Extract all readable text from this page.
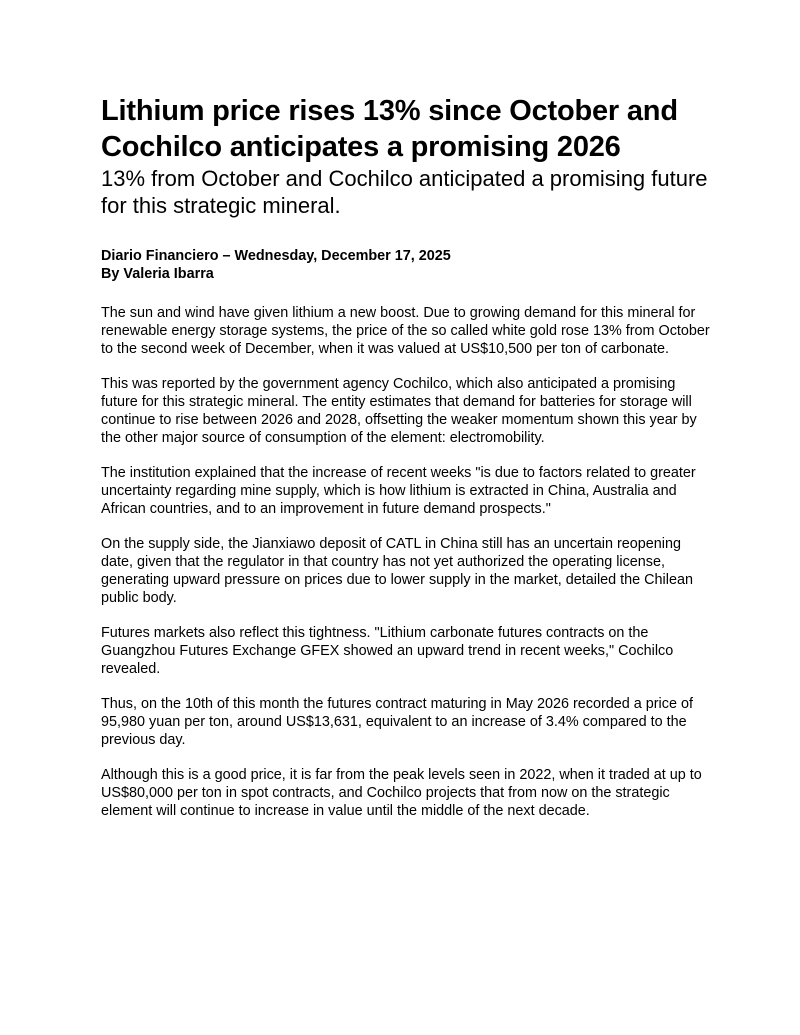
Lithium price rises 13% since October and Cochilco anticipates a promising 2026
13% from October and Cochilco anticipated a promising future for this strategic mineral.
Diario Financiero – Wednesday, December 17, 2025
By Valeria Ibarra

The sun and wind have given lithium a new boost. Due to growing demand for this mineral for renewable energy storage systems, the price of the so called white gold rose 13% from October to the second week of December, when it was valued at US$10,500 per ton of carbonate.

This was reported by the government agency Cochilco, which also anticipated a promising future for this strategic mineral. The entity estimates that demand for batteries for storage will continue to rise between 2026 and 2028, offsetting the weaker momentum shown this year by the other major source of consumption of the element: electromobility.

The institution explained that the increase of recent weeks "is due to factors related to greater uncertainty regarding mine supply, which is how lithium is extracted in China, Australia and African countries, and to an improvement in future demand prospects."

On the supply side, the Jianxiawo deposit of CATL in China still has an uncertain reopening date, given that the regulator in that country has not yet authorized the operating license, generating upward pressure on prices due to lower supply in the market, detailed the Chilean public body.

Futures markets also reflect this tightness. "Lithium carbonate futures contracts on the Guangzhou Futures Exchange GFEX showed an upward trend in recent weeks," Cochilco revealed.

Thus, on the 10th of this month the futures contract maturing in May 2026 recorded a price of 95,980 yuan per ton, around US$13,631, equivalent to an increase of 3.4% compared to the previous day.

Although this is a good price, it is far from the peak levels seen in 2022, when it traded at up to US$80,000 per ton in spot contracts, and Cochilco projects that from now on the strategic element will continue to increase in value until the middle of the next decade.
